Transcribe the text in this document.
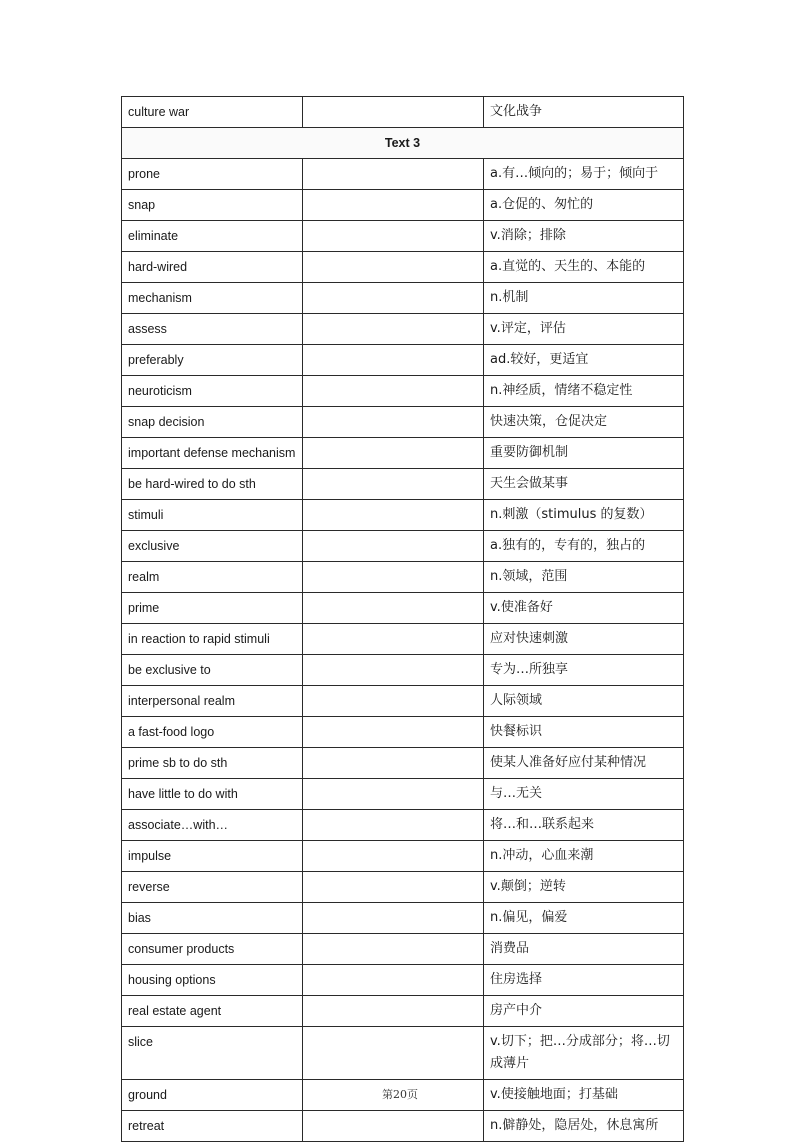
culture war		文化战争
Text 3		
prone		a.有…倾向的；易于；倾向于
snap		a.仓促的、匆忙的
eliminate		v.消除；排除
hard-wired		a.直觉的、天生的、本能的
mechanism		n.机制
assess		v.评定，评估
preferably		ad.较好，更适宜
neuroticism		n.神经质，情绪不稳定性
snap decision		快速决策，仓促决定
important defense mechanism		重要防御机制
be hard-wired to do sth		天生会做某事
stimuli		n.刺激（stimulus 的复数）
exclusive		a.独有的，专有的，独占的
realm		n.领域，范围
prime		v.使准备好
in reaction to rapid stimuli		应对快速刺激
be exclusive to		专为…所独享
interpersonal realm		人际领域
a fast-food logo		快餐标识
prime sb to do sth		使某人准备好应付某种情况
have little to do with		与…无关
associate…with…		将…和…联系起来
impulse		n.冲动，心血来潮
reverse		v.颠倒；逆转
bias		n.偏见，偏爱
consumer products		消费品
housing options		住房选择
real estate agent		房产中介
slice		v.切下；把…分成部分；将…切成薄片
ground		v.使接触地面；打基础
retreat		n.僻静处，隐居处，休息寓所
第20页
